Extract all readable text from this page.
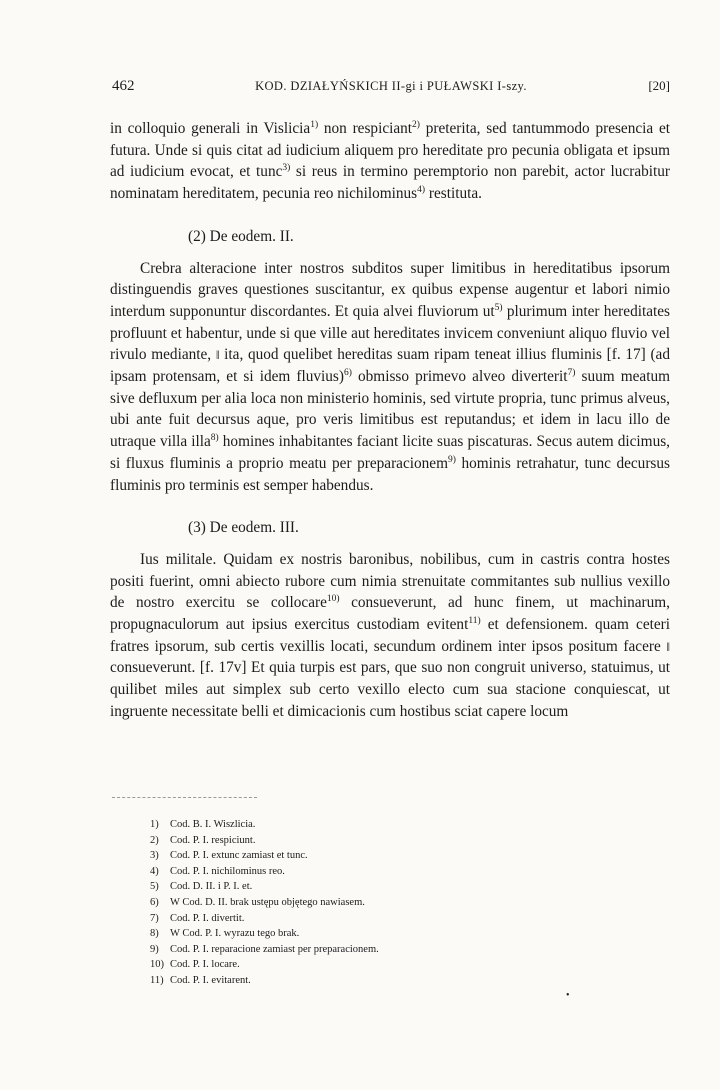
462	KOD. DZIAŁYŃSKICH II-gi i PUŁAWSKI I-szy.	[20]

in colloquio generali in Vislicia$^{1)}$ non respiciant$^{2)}$ preterita, sed tantummodo presencia et futura. Unde si quis citat ad iudicium aliquem pro hereditate pro pecunia obligata et ipsum ad iudicium evocat, et tunc$^{3)}$ si reus in termino peremptorio non parebit, actor lucrabitur nominatam hereditatem, pecunia reo nichilominus$^{4)}$ restituta.

(2) De eodem. II.

Crebra alteracione inter nostros subditos super limitibus in hereditatibus ipsorum distinguendis graves questiones suscitantur, ex quibus expense augentur et labori nimio interdum supponuntur discordantes. Et quia alvei fluviorum ut$^{5)}$ plurimum inter hereditates profluunt et habentur, unde si que ville aut hereditates invicem conveniunt aliquo fluvio vel rivulo mediante, ‖ ita, quod quelibet hereditas suam ripam teneat illius fluminis [f. 17] (ad ipsam protensam, et si idem fluvius)$^{6)}$ obmisso primevo alveo diverterit$^{7)}$ suum meatum sive defluxum per alia loca non ministerio hominis, sed virtute propria, tunc primus alveus, ubi ante fuit decursus aque, pro veris limitibus est reputandus; et idem in lacu illo de utraque villa illa$^{8)}$ homines inhabitantes faciant licite suas piscaturas. Secus autem dicimus, si fluxus fluminis a proprio meatu per preparacionem$^{9)}$ hominis retrahatur, tunc decursus fluminis pro terminis est semper habendus.

(3) De eodem. III.

Ius militale. Quidam ex nostris baronibus, nobilibus, cum in castris contra hostes positi fuerint, omni abiecto rubore cum nimia strenuitate commitantes sub nullius vexillo de nostro exercitu se collocare$^{10)}$ consueverunt, ad hunc finem, ut machinarum, propugnaculorum aut ipsius exercitus custodiam evitent$^{11)}$ et defensionem. quam ceteri fratres ipsorum, sub certis vexillis locati, secundum ordinem inter ipsos positum facere ‖ consueverunt. [f. 17v] Et quia turpis est pars, que suo non congruit universo, statuimus, ut quilibet miles aut simplex sub certo vexillo electo cum sua stacione conquiescat, ut ingruente necessitate belli et dimicacionis cum hostibus sciat capere locum

1) Cod. B. I. Wiszlicia.
2) Cod. P. I. respiciunt.
3) Cod. P. I. extunc zamiast et tunc.
4) Cod. P. I. nichilominus reo.
5) Cod. D. II. i P. I. et.
6) W Cod. D. II. brak ustępu objętego nawiasem.
7) Cod. P. I. divertit.
8) W Cod. P. I. wyrazu tego brak.
9) Cod. P. I. reparacione zamiast per preparacionem.
10) Cod. P. I. locare.
11) Cod. P. I. evitarent.
•
